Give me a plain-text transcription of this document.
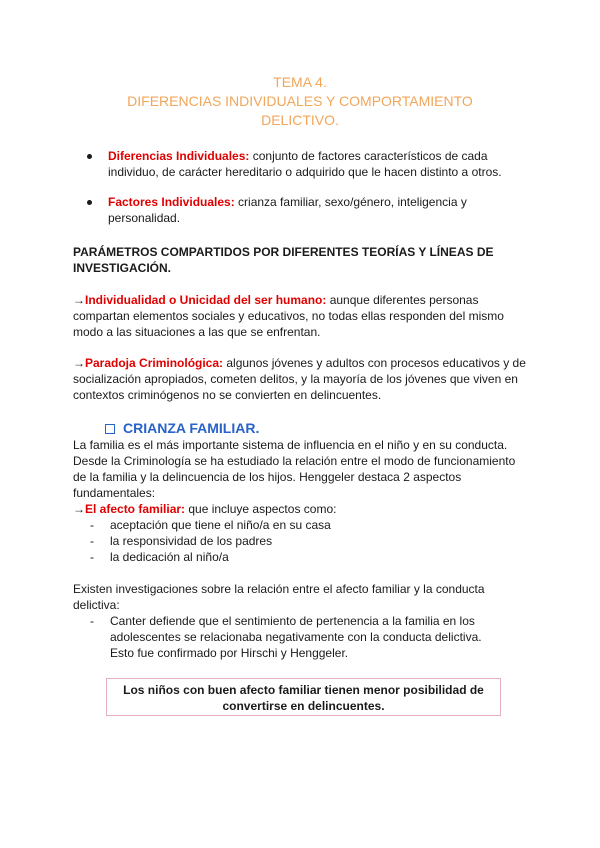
TEMA 4.
DIFERENCIAS INDIVIDUALES Y COMPORTAMIENTO
DELICTIVO.
Diferencias Individuales: conjunto de factores característicos de cada individuo, de carácter hereditario o adquirido que le hacen distinto a otros.
Factores Individuales: crianza familiar, sexo/género, inteligencia y personalidad.
PARÁMETROS COMPARTIDOS POR DIFERENTES TEORÍAS Y LÍNEAS DE INVESTIGACIÓN.
→Individualidad o Unicidad del ser humano: aunque diferentes personas compartan elementos sociales y educativos, no todas ellas responden del mismo modo a las situaciones a las que se enfrentan.
→Paradoja Criminológica: algunos jóvenes y adultos con procesos educativos y de socialización apropiados, cometen delitos, y la mayoría de los jóvenes que viven en contextos criminógenos no se convierten en delincuentes.
CRIANZA FAMILIAR.
La familia es el más importante sistema de influencia en el niño y en su conducta. Desde la Criminología se ha estudiado la relación entre el modo de funcionamiento de la familia y la delincuencia de los hijos. Henggeler destaca 2 aspectos fundamentales:
→El afecto familiar: que incluye aspectos como:
- aceptación que tiene el niño/a en su casa
- la responsividad de los padres
- la dedicación al niño/a
Existen investigaciones sobre la relación entre el afecto familiar y la conducta delictiva:
- Canter defiende que el sentimiento de pertenencia a la familia en los adolescentes se relacionaba negativamente con la conducta delictiva. Esto fue confirmado por Hirschi y Henggeler.
Los niños con buen afecto familiar tienen menor posibilidad de
convertirse en delincuentes.
